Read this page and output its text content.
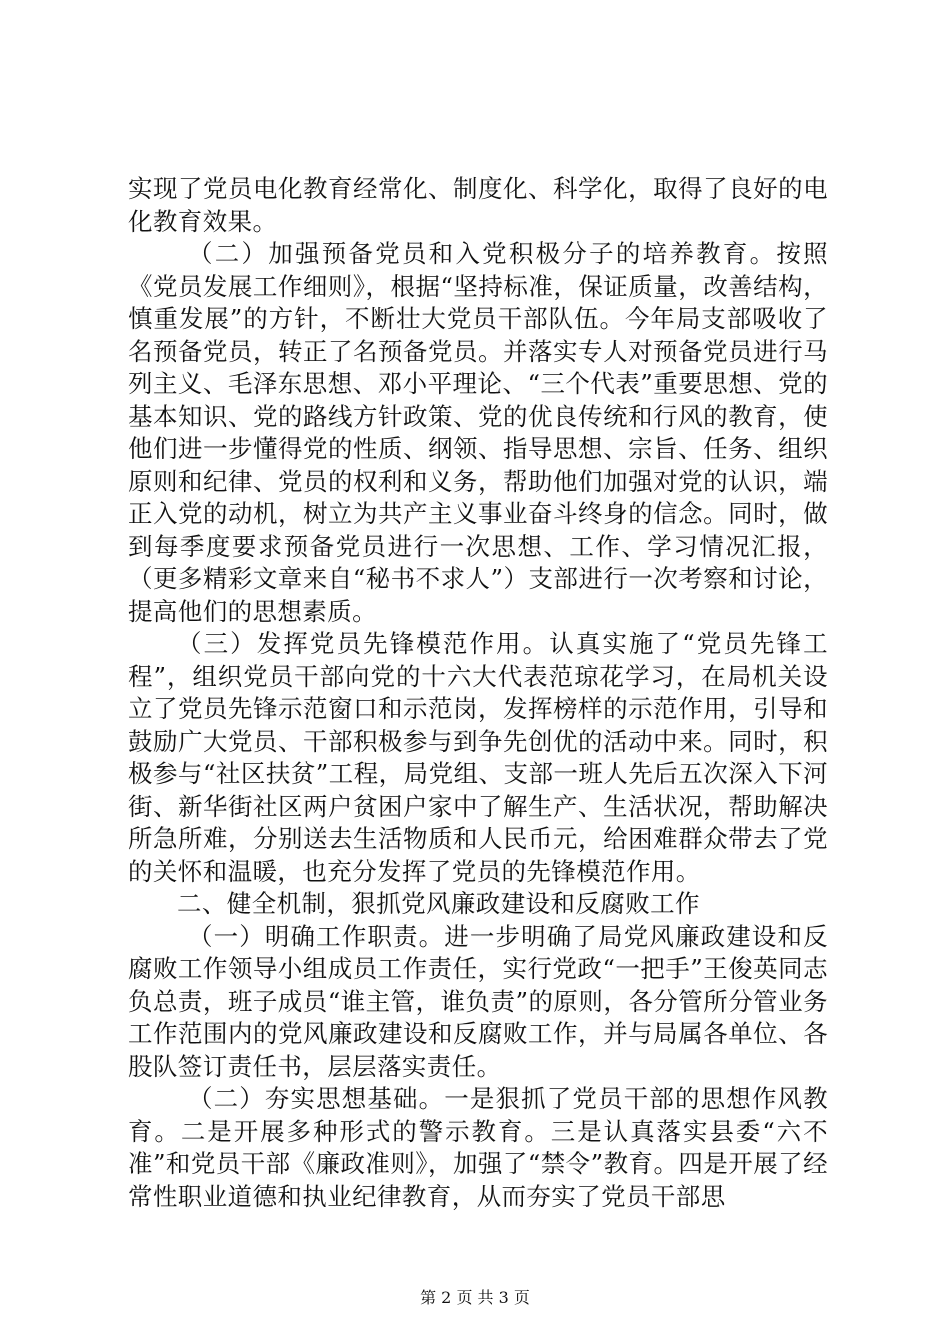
实现了党员电化教育经常化、制度化、科学化，取得了良好的电化教育效果。

（二）加强预备党员和入党积极分子的培养教育。按照《党员发展工作细则》，根据“坚持标准，保证质量，改善结构，慎重发展”的方针，不断壮大党员干部队伍。今年局支部吸收了名预备党员，转正了名预备党员。并落实专人对预备党员进行马列主义、毛泽东思想、邓小平理论、“三个代表”重要思想、党的基本知识、党的路线方针政策、党的优良传统和行风的教育，使他们进一步懂得党的性质、纲领、指导思想、宗旨、任务、组织原则和纪律、党员的权利和义务，帮助他们加强对党的认识，端正入党的动机，树立为共产主义事业奋斗终身的信念。同时，做到每季度要求预备党员进行一次思想、工作、学习情况汇报，（更多精彩文章来自“秘书不求人”）支部进行一次考察和讨论，提高他们的思想素质。

（三）发挥党员先锋模范作用。认真实施了“党员先锋工程”，组织党员干部向党的十六大代表范琼花学习，在局机关设立了党员先锋示范窗口和示范岗，发挥榜样的示范作用，引导和鼓励广大党员、干部积极参与到争先创优的活动中来。同时，积极参与“社区扶贫”工程，局党组、支部一班人先后五次深入下河街、新华街社区两户贫困户家中了解生产、生活状况，帮助解决所急所难，分别送去生活物质和人民币元，给困难群众带去了党的关怀和温暖，也充分发挥了党员的先锋模范作用。

二、健全机制，狠抓党风廉政建设和反腐败工作

（一）明确工作职责。进一步明确了局党风廉政建设和反腐败工作领导小组成员工作责任，实行党政“一把手”王俊英同志负总责，班子成员“谁主管，谁负责”的原则，各分管所分管业务工作范围内的党风廉政建设和反腐败工作，并与局属各单位、各股队签订责任书，层层落实责任。

（二）夯实思想基础。一是狠抓了党员干部的思想作风教育。二是开展多种形式的警示教育。三是认真落实县委“六不准”和党员干部《廉政准则》，加强了“禁令”教育。四是开展了经常性职业道德和执业纪律教育，从而夯实了党员干部思

第 2 页 共 3 页
